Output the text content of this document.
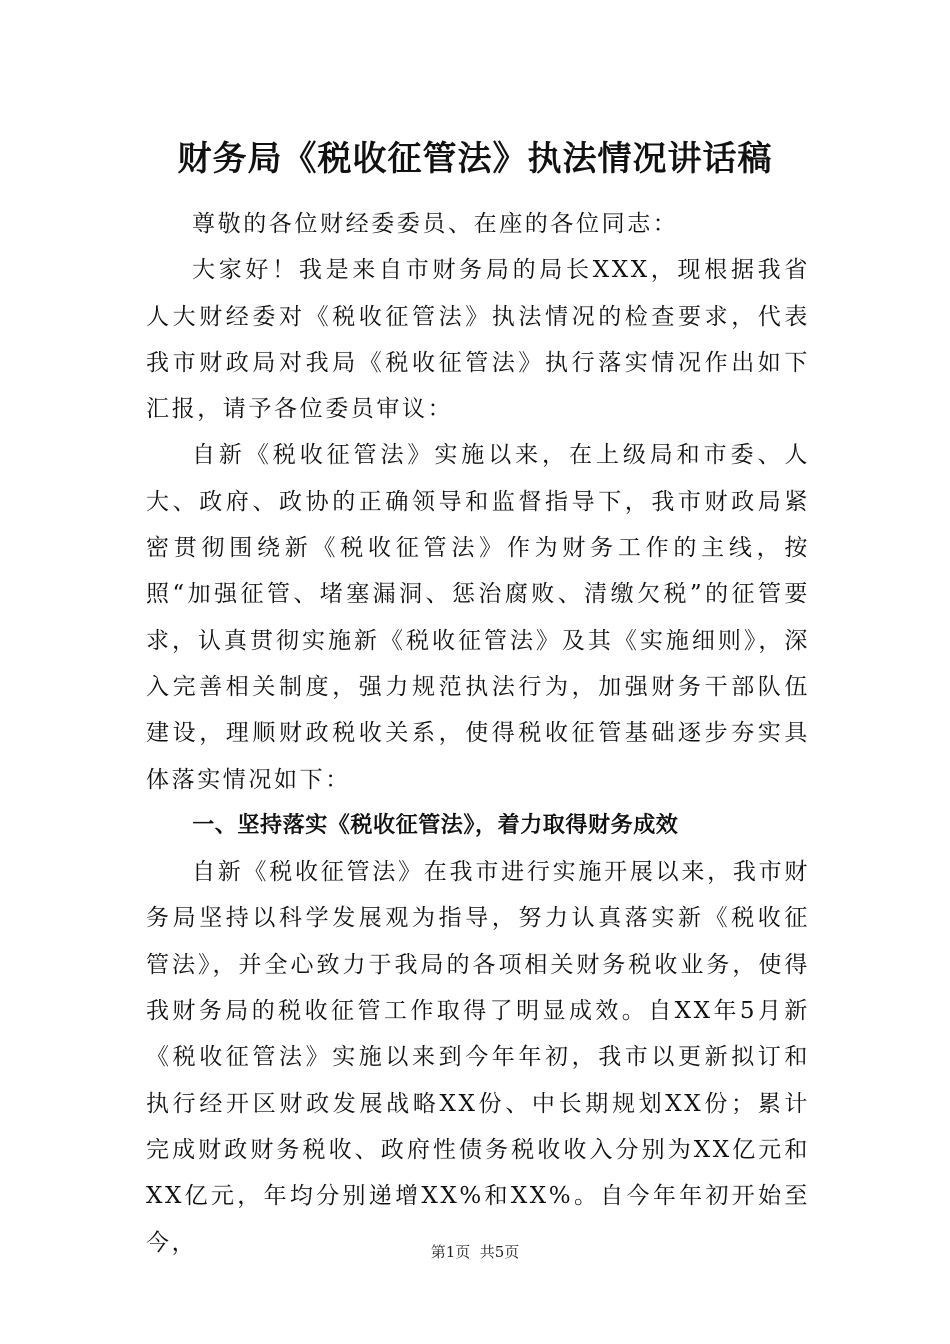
财务局《税收征管法》执法情况讲话稿

尊敬的各位财经委委员、在座的各位同志：

大家好！我是来自市财务局的局长XXX，现根据我省人大财经委对《税收征管法》执法情况的检查要求，代表我市财政局对我局《税收征管法》执行落实情况作出如下汇报，请予各位委员审议：

自新《税收征管法》实施以来，在上级局和市委、人大、政府、政协的正确领导和监督指导下，我市财政局紧密贯彻围绕新《税收征管法》作为财务工作的主线，按照“加强征管、堵塞漏洞、惩治腐败、清缴欠税”的征管要求，认真贯彻实施新《税收征管法》及其《实施细则》，深入完善相关制度，强力规范执法行为，加强财务干部队伍建设，理顺财政税收关系，使得税收征管基础逐步夯实具体落实情况如下：

一、坚持落实《税收征管法》，着力取得财务成效

自新《税收征管法》在我市进行实施开展以来，我市财务局坚持以科学发展观为指导，努力认真落实新《税收征管法》，并全心致力于我局的各项相关财务税收业务，使得我财务局的税收征管工作取得了明显成效。自XX年5月新《税收征管法》实施以来到今年年初，我市以更新拟订和执行经开区财政发展战略XX份、中长期规划XX份；累计完成财政财务税收、政府性债务税收收入分别为XX亿元和XX亿元，年均分别递增XX%和XX%。自今年年初开始至今，	第1页  共5页
